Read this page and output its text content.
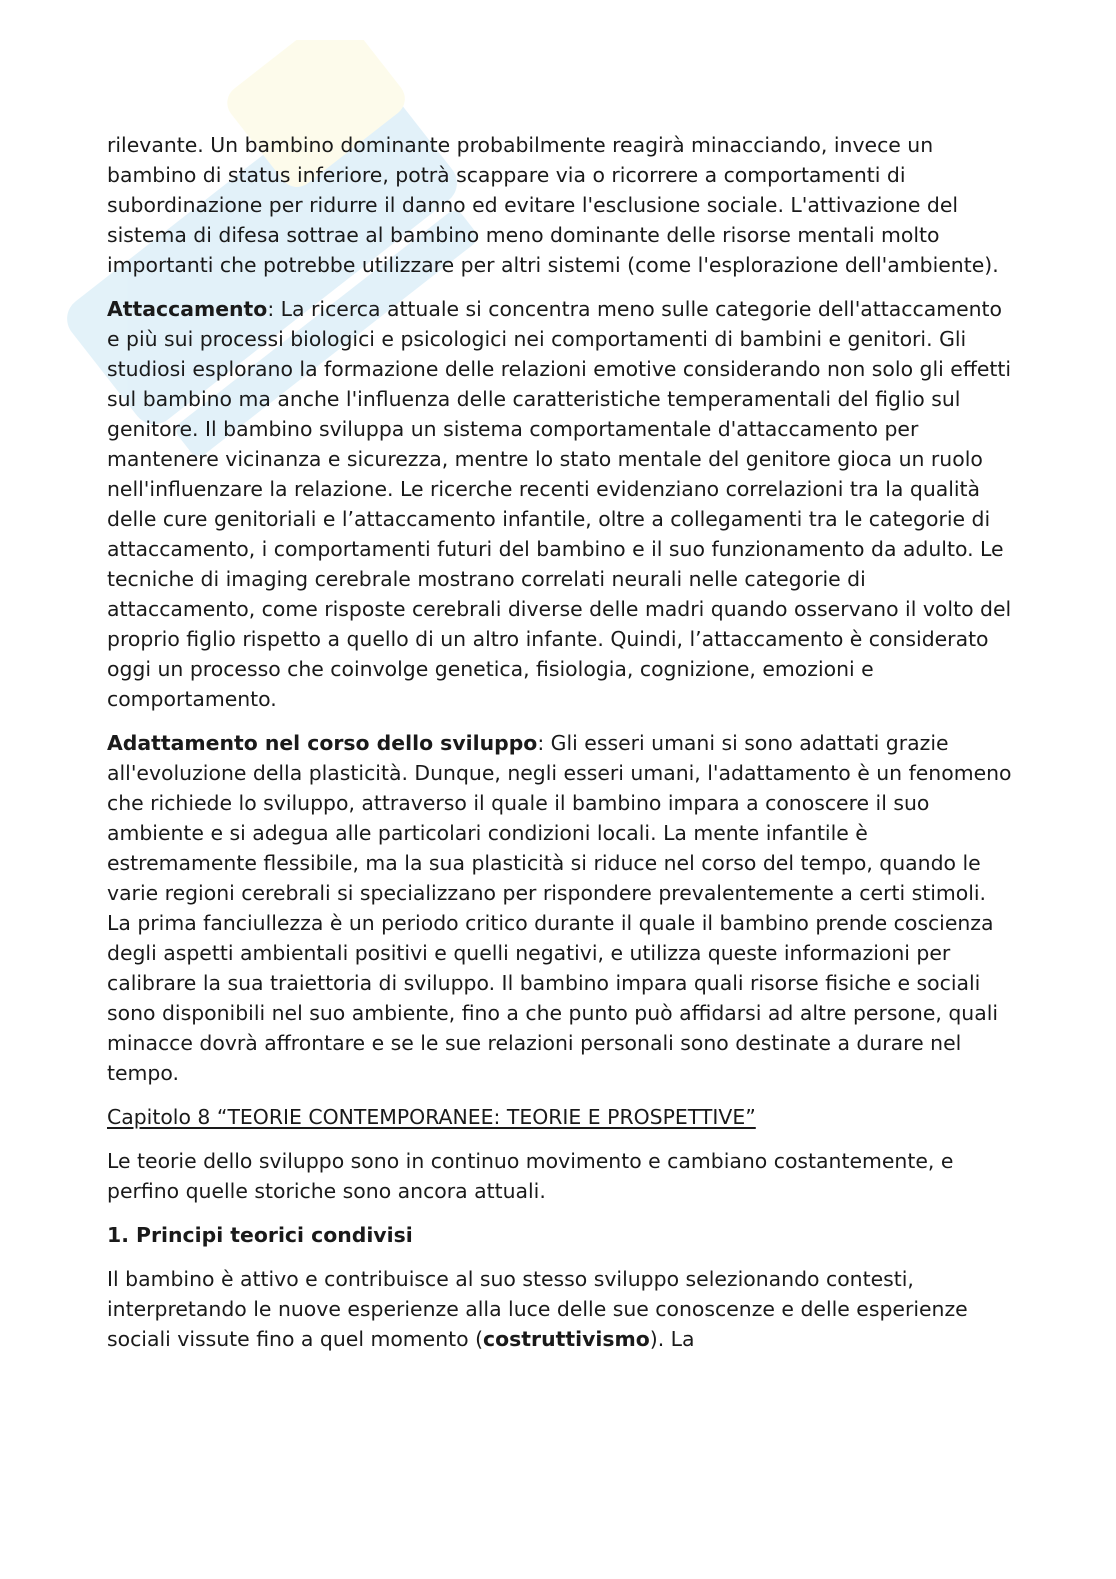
rilevante. Un bambino dominante probabilmente reagirà minacciando, invece un bambino di status inferiore, potrà scappare via o ricorrere a comportamenti di subordinazione per ridurre il danno ed evitare l'esclusione sociale. L'attivazione del sistema di difesa sottrae al bambino meno dominante delle risorse mentali molto importanti che potrebbe utilizzare per altri sistemi (come l'esplorazione dell'ambiente).

Attaccamento: La ricerca attuale si concentra meno sulle categorie dell'attaccamento e più sui processi biologici e psicologici nei comportamenti di bambini e genitori. Gli studiosi esplorano la formazione delle relazioni emotive considerando non solo gli effetti sul bambino ma anche l'influenza delle caratteristiche temperamentali del figlio sul genitore. Il bambino sviluppa un sistema comportamentale d'attaccamento per mantenere vicinanza e sicurezza, mentre lo stato mentale del genitore gioca un ruolo nell'influenzare la relazione. Le ricerche recenti evidenziano correlazioni tra la qualità delle cure genitoriali e l’attaccamento infantile, oltre a collegamenti tra le categorie di attaccamento, i comportamenti futuri del bambino e il suo funzionamento da adulto. Le tecniche di imaging cerebrale mostrano correlati neurali nelle categorie di attaccamento, come risposte cerebrali diverse delle madri quando osservano il volto del proprio figlio rispetto a quello di un altro infante. Quindi, l’attaccamento è considerato oggi un processo che coinvolge genetica, fisiologia, cognizione, emozioni e comportamento.

Adattamento nel corso dello sviluppo: Gli esseri umani si sono adattati grazie all'evoluzione della plasticità. Dunque, negli esseri umani, l'adattamento è un fenomeno che richiede lo sviluppo, attraverso il quale il bambino impara a conoscere il suo ambiente e si adegua alle particolari condizioni locali. La mente infantile è estremamente flessibile, ma la sua plasticità si riduce nel corso del tempo, quando le varie regioni cerebrali si specializzano per rispondere prevalentemente a certi stimoli. La prima fanciullezza è un periodo critico durante il quale il bambino prende coscienza degli aspetti ambientali positivi e quelli negativi, e utilizza queste informazioni per calibrare la sua traiettoria di sviluppo. Il bambino impara quali risorse fisiche e sociali sono disponibili nel suo ambiente, fino a che punto può affidarsi ad altre persone, quali minacce dovrà affrontare e se le sue relazioni personali sono destinate a durare nel tempo.

Capitolo 8 “TEORIE CONTEMPORANEE: TEORIE E PROSPETTIVE”

Le teorie dello sviluppo sono in continuo movimento e cambiano costantemente, e perfino quelle storiche sono ancora attuali.

1. Principi teorici condivisi

Il bambino è attivo e contribuisce al suo stesso sviluppo selezionando contesti, interpretando le nuove esperienze alla luce delle sue conoscenze e delle esperienze sociali vissute fino a quel momento (costruttivismo). La
